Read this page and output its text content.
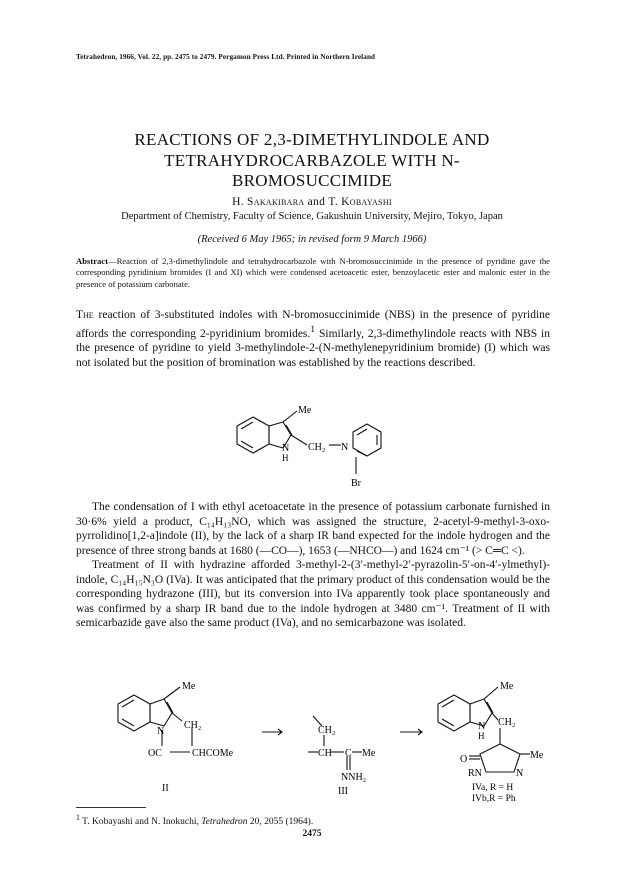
Tetrahedron, 1966, Vol. 22, pp. 2475 to 2479. Pergamon Press Ltd. Printed in Northern Ireland
REACTIONS OF 2,3-DIMETHYLINDOLE AND
TETRAHYDROCARBAZOLE WITH N-
BROMOSUCCIMIDE
H. Sakakibara and T. Kobayashi
Department of Chemistry, Faculty of Science, Gakushuin University, Mejiro, Tokyo, Japan
(Received 6 May 1965; in revised form 9 March 1966)
Abstract—Reaction of 2,3-dimethylindole and tetrahydrocarbazole with N-bromosuccinimide in the presence of pyridine gave the corresponding pyridinium bromides (I and XI) which were condensed acetoacetic ester, benzoylacetic ester and malonic ester in the presence of potassium carbonate.
The reaction of 3-substituted indoles with N-bromosuccinimide (NBS) in the presence of pyridine affords the corresponding 2-pyridinium bromides.$^1$ Similarly, 2,3-dimethylindole reacts with NBS in the presence of pyridine to yield 3-methylindole-2-(N-methylenepyridinium bromide) (I) which was not isolated but the position of bromination was established by the reactions described.
Me
N
H
CH₂ N
Br
The condensation of I with ethyl acetoacetate in the presence of potassium carbonate furnished in 30·6% yield a product, C₁₄H₁₃NO, which was assigned the structure, 2-acetyl-9-methyl-3-oxo-pyrrolidino[1,2-a]indole (II), by the lack of a sharp IR band expected for the indole hydrogen and the presence of three strong bands at 1680 (—CO—), 1653 (—NHCO—) and 1624 cm⁻¹ (> C═C <).
Treatment of II with hydrazine afforded 3-methyl-2-(3′-methyl-2′-pyrazolin-5′-on-4′-ylmethyl)-indole, C₁₄H₁₅N₃O (IVa). It was anticipated that the primary product of this condensation would be the corresponding hydrazone (III), but its conversion into IVa apparently took place spontaneously and was confirmed by a sharp IR band due to the indole hydrogen at 3480 cm⁻¹. Treatment of II with semicarbazide gave also the same product (IVa), and no semicarbazone was isolated.
Me
N
CH₂
OC	CHCOMe
II
CH₂
CH C Me
NNH₂
III
Me
N
H
CH₂
O	Me
RN	N
IVa, R = H
IVb,R = Ph
$^1$ T. Kobayashi and N. Inokuchi, Tetrahedron 20, 2055 (1964).
2475
